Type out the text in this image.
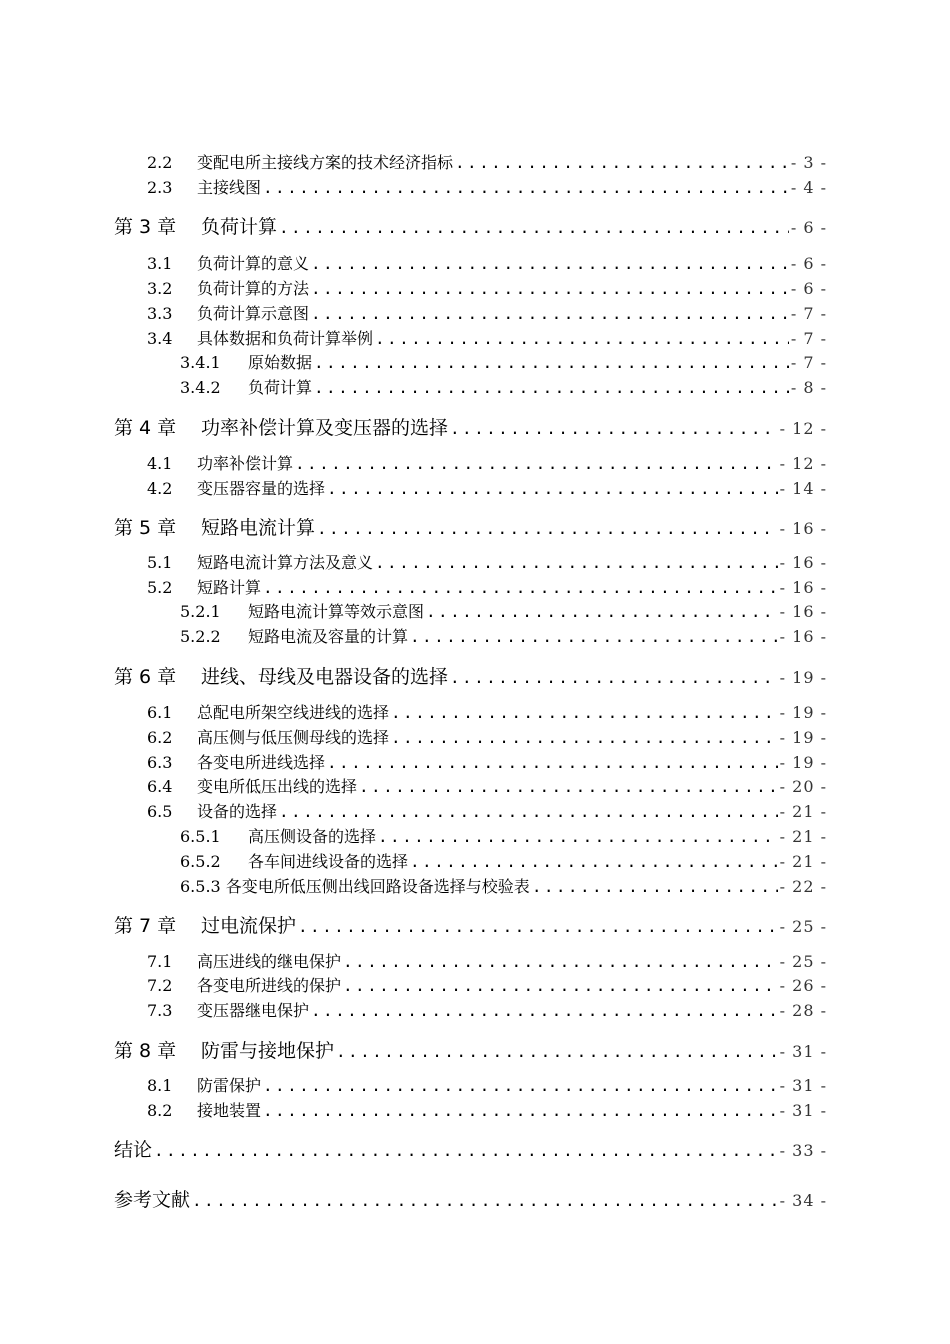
2.2	变配电所主接线方案的技术经济指标 .....	- 3 -
2.3	主接线图 .....	- 4 -
第 3 章	负荷计算 .....	- 6 -
3.1	负荷计算的意义 .....	- 6 -
3.2	负荷计算的方法 .....	- 6 -
3.3	负荷计算示意图 .....	- 7 -
3.4	具体数据和负荷计算举例 .....	- 7 -
3.4.1	原始数据 .....	- 7 -
3.4.2	负荷计算 .....	- 8 -
第 4 章	功率补偿计算及变压器的选择 .....	- 12 -
4.1	功率补偿计算 .....	- 12 -
4.2	变压器容量的选择 .....	- 14 -
第 5 章	短路电流计算 .....	- 16 -
5.1	短路电流计算方法及意义 .....	- 16 -
5.2	短路计算 .....	- 16 -
5.2.1	短路电流计算等效示意图 .....	- 16 -
5.2.2	短路电流及容量的计算 .....	- 16 -
第 6 章	进线、母线及电器设备的选择 .....	- 19 -
6.1	总配电所架空线进线的选择 .....	- 19 -
6.2	高压侧与低压侧母线的选择 .....	- 19 -
6.3	各变电所进线选择 .....	- 19 -
6.4	变电所低压出线的选择 .....	- 20 -
6.5	设备的选择 .....	- 21 -
6.5.1	高压侧设备的选择 .....	- 21 -
6.5.2	各车间进线设备的选择 .....	- 21 -
6.5.3 各变电所低压侧出线回路设备选择与校验表 .....	- 22 -
第 7 章	过电流保护 .....	- 25 -
7.1	高压进线的继电保护 .....	- 25 -
7.2	各变电所进线的保护 .....	- 26 -
7.3	变压器继电保护 .....	- 28 -
第 8 章	防雷与接地保护 .....	- 31 -
8.1	防雷保护 .....	- 31 -
8.2	接地装置 .....	- 31 -
结论 .....	- 33 -
参考文献 .....	- 34 -
